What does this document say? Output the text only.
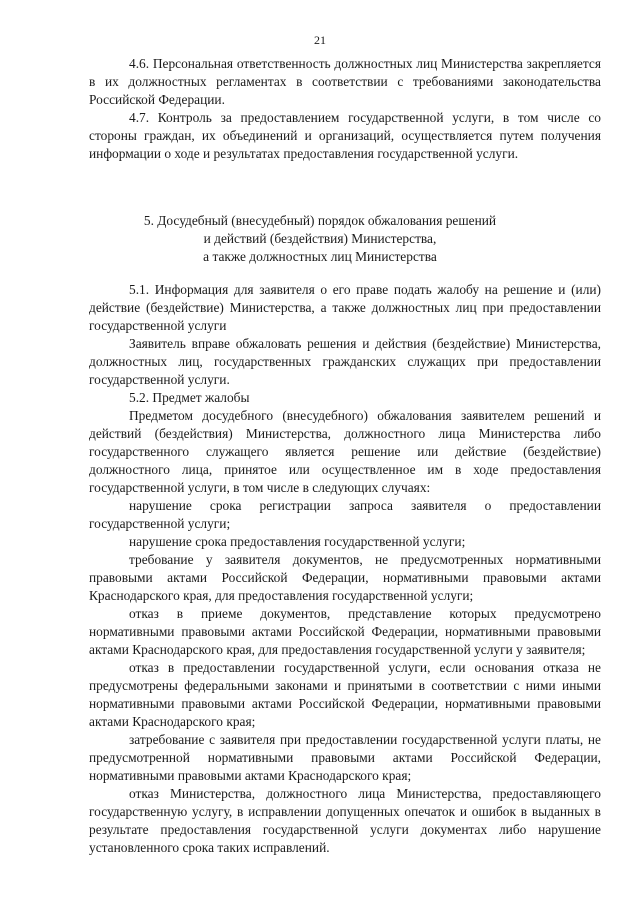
21

4.6. Персональная ответственность должностных лиц Министерства закрепляется в их должностных регламентах в соответствии с требованиями законодательства Российской Федерации.

4.7. Контроль за предоставлением государственной услуги, в том числе со стороны граждан, их объединений и организаций, осуществляется путем получения информации о ходе и результатах предоставления государственной услуги.

5. Досудебный (внесудебный) порядок обжалования решений

и действий (бездействия) Министерства,

а также должностных лиц Министерства

5.1. Информация для заявителя о его праве подать жалобу на решение и (или) действие (бездействие) Министерства, а также должностных лиц при предоставлении государственной услуги

Заявитель вправе обжаловать решения и действия (бездействие) Министерства, должностных лиц, государственных гражданских служащих при предоставлении государственной услуги.

5.2. Предмет жалобы

Предметом досудебного (внесудебного) обжалования заявителем решений и действий (бездействия) Министерства, должностного лица Министерства либо государственного служащего является решение или действие (бездействие) должностного лица, принятое или осуществленное им в ходе предоставления государственной услуги, в том числе в следующих случаях:

нарушение срока регистрации запроса заявителя о предоставлении государственной услуги;

нарушение срока предоставления государственной услуги;

требование у заявителя документов, не предусмотренных нормативными правовыми актами Российской Федерации, нормативными правовыми актами Краснодарского края, для предоставления государственной услуги;

отказ в приеме документов, представление которых предусмотрено нормативными правовыми актами Российской Федерации, нормативными правовыми актами Краснодарского края, для предоставления государственной услуги у заявителя;

отказ в предоставлении государственной услуги, если основания отказа не предусмотрены федеральными законами и принятыми в соответствии с ними иными нормативными правовыми актами Российской Федерации, нормативными правовыми актами Краснодарского края;

затребование с заявителя при предоставлении государственной услуги платы, не предусмотренной нормативными правовыми актами Российской Федерации, нормативными правовыми актами Краснодарского края;

отказ Министерства, должностного лица Министерства, предоставляющего государственную услугу, в исправлении допущенных опечаток и ошибок в выданных в результате предоставления государственной услуги документах либо нарушение установленного срока таких исправлений.
